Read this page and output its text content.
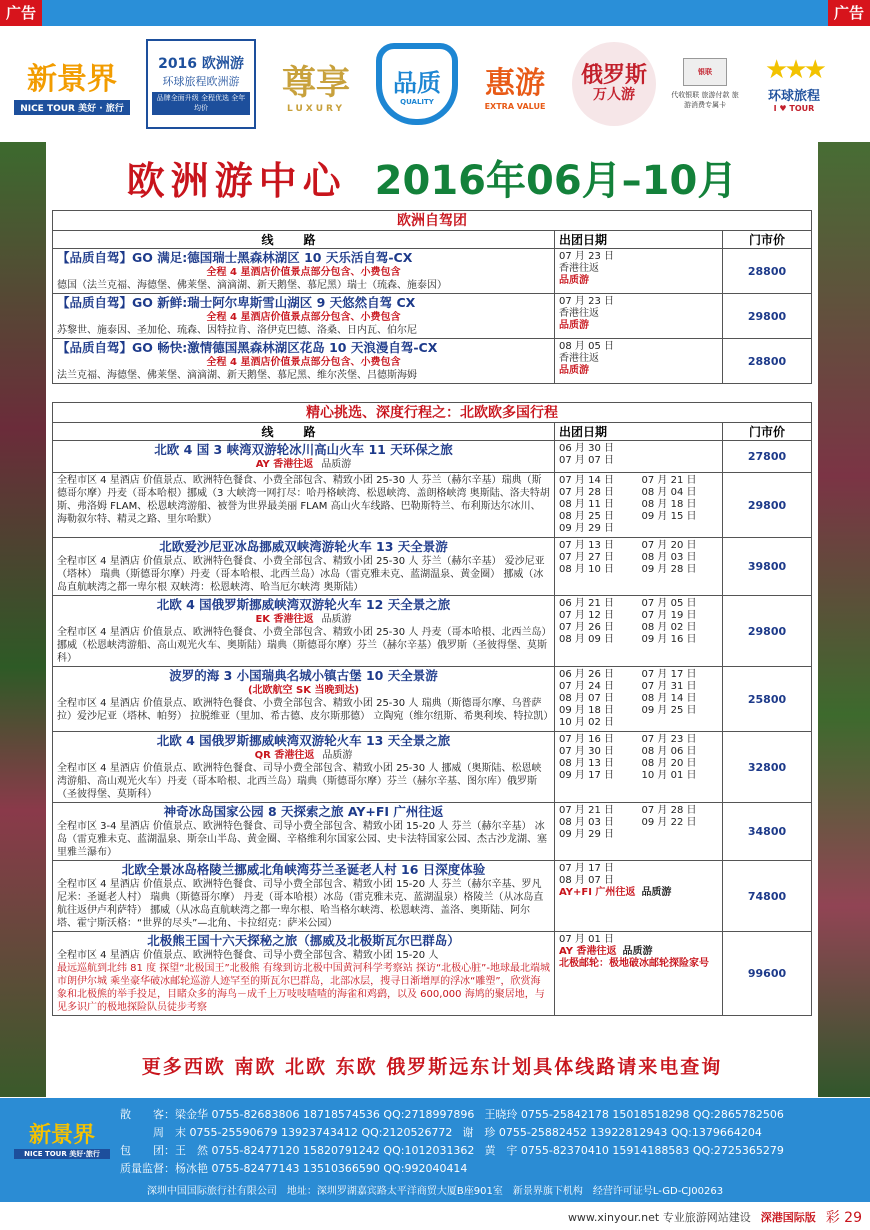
广告	广告
新景界
NICE TOUR 美好 · 旅行
2016 欧洲游
环球旅程欧洲游
品牌全面升级 全程优选 全年均价
尊享
LUXURY
品质
QUALITY
惠游
EXTRA VALUE
俄罗斯
万人游
银联
代收银联 旅游付款 旅游消费专属卡
★★★
环球旅程
I ♥ TOUR
欧洲游中心 2016年06月–10月
欧洲自驾团
线路	出团日期	门市价
【品质自驾】GO 满足:德国瑞士黑森林湖区 10 天乐活自驾-CX
全程 4 星酒店价值景点部分包含、小费包含
德国（法兰克福、海德堡、佛莱堡、滴滴湖、新天鹅堡、慕尼黑）瑞士（琉森、施泰因）
07 月 23 日
香港往返
品质游
28800
【品质自驾】GO 新鲜:瑞士阿尔卑斯雪山湖区 9 天悠然自驾 CX
全程 4 星酒店价值景点部分包含、小费包含
苏黎世、施泰因、圣加伦、琉森、因特拉肯、洛伊克巴德、洛桑、日内瓦、伯尔尼
07 月 23 日
香港往返
品质游
29800
【品质自驾】GO 畅快:激情德国黑森林湖区花岛 10 天浪漫自驾-CX
全程 4 星酒店价值景点部分包含、小费包含
法兰克福、海德堡、佛莱堡、滴滴湖、新天鹅堡、慕尼黑、维尔茨堡、吕德斯海姆
08 月 05 日
香港往返
品质游
28800
精心挑选、深度行程之：北欧欧多国行程
线路	出团日期	门市价
北欧 4 国 3 峡湾双游轮冰川高山火车 11 天环保之旅
AY 香港往返 品质游
06 月 30 日
07 月 07 日	27800
全程市区 4 星酒店 价值景点、欧洲特色餐食、小费全部包含、精致小团 25-30 人 芬兰（赫尔辛基）瑞典（斯德哥尔摩）丹麦（哥本哈根）挪威（3 大峡湾一网打尽：哈丹格峡湾、松恩峡湾、盖朗格峡湾 奥斯陆、洛夫特胡斯、弗洛姆 FLAM、松恩峡湾游船、被誉为世界最美丽 FLAM 高山火车线路、巴勒斯特兰、布利斯达尔冰川、海勒叙尔特、精灵之路、里尔哈默）
07 月 14 日	07 月 21 日
07 月 28 日	08 月 04 日
08 月 11 日	08 月 18 日
08 月 25 日	09 月 15 日
09 月 29 日
29800
北欧爱沙尼亚冰岛挪威双峡湾游轮火车 13 天全景游
全程市区 4 星酒店 价值景点、欧洲特色餐食、小费全部包含、精致小团 25-30 人 芬兰（赫尔辛基） 爱沙尼亚（塔林） 瑞典（斯德哥尔摩）丹麦（哥本哈根、北西兰岛）冰岛（雷克雅未克、蓝湖温泉、黄金圈） 挪威（冰岛直航峡湾之都一卑尔根 双峡湾：松恩峡湾、哈当厄尔峡湾 奥斯陆）
07 月 13 日	07 月 20 日
07 月 27 日	08 月 03 日
08 月 10 日	09 月 28 日	39800
北欧 4 国俄罗斯挪威峡湾双游轮火车 12 天全景之旅
EK 香港往返 品质游
全程市区 4 星酒店 价值景点、欧洲特色餐食、小费全部包含、精致小团 25-30 人 丹麦（哥本哈根、北西兰岛）挪威（松恩峡湾游船、高山观光火车、奥斯陆）瑞典（斯德哥尔摩）芬兰（赫尔辛基）俄罗斯（圣彼得堡、莫斯科）
06 月 21 日	07 月 05 日
07 月 12 日	07 月 19 日
07 月 26 日	08 月 02 日
08 月 09 日	09 月 16 日
29800
波罗的海 3 小国瑞典名城小镇古堡 10 天全景游
(北欧航空 SK 当晚到达)
全程市区 4 星酒店 价值景点、欧洲特色餐食、小费全部包含、精致小团 25-30 人 瑞典（斯德哥尔摩、乌普萨拉）爱沙尼亚（塔林、帕努） 拉脱维亚（里加、希古德、皮尔斯那德） 立陶宛（维尔纽斯、希奥利埃、特拉凯）
06 月 26 日	07 月 17 日
07 月 24 日	07 月 31 日
08 月 07 日	08 月 14 日
09 月 18 日	09 月 25 日
10 月 02 日
25800
北欧 4 国俄罗斯挪威峡湾双游轮火车 13 天全景之旅
QR 香港往返 品质游
全程市区 4 星酒店 价值景点、欧洲特色餐食、司导小费全部包含、精致小团 25-30 人 挪威（奥斯陆、松恩峡湾游船、高山观光火车）丹麦（哥本哈根、北西兰岛）瑞典（斯德哥尔摩）芬兰（赫尔辛基、图尔库）俄罗斯（圣彼得堡、莫斯科）
07 月 16 日	07 月 23 日
07 月 30 日	08 月 06 日
08 月 13 日	08 月 20 日
09 月 17 日	10 月 01 日
32800
神奇冰岛国家公园 8 天探索之旅 AY+FI 广州往返
全程市区 3-4 星酒店 价值景点、欧洲特色餐食、司导小费全部包含、精致小团 15-20 人 芬兰（赫尔辛基） 冰岛（雷克雅未克、蓝湖温泉、斯奈山半岛、黄金圈、辛格维利尔国家公园、史卡法特国家公园、杰古沙龙湖、塞里雅兰瀑布）
07 月 21 日	07 月 28 日
08 月 03 日	09 月 22 日
09 月 29 日	34800
北欧全景冰岛格陵兰挪威北角峡湾芬兰圣诞老人村 16 日深度体验
全程市区 4 星酒店 价值景点、欧洲特色餐食、司导小费全部包含、精致小团 15-20 人 芬兰（赫尔辛基、罗凡尼米：圣诞老人村） 瑞典（斯德哥尔摩） 丹麦（哥本哈根）冰岛（雷克雅未克、蓝湖温泉）格陵兰（从冰岛直航往返伊卢利萨特） 挪威（从冰岛直航峡湾之都一卑尔根、哈当格尔峡湾、松恩峡湾、盖洛、奥斯陆、阿尔塔、霍宁斯沃格：“世界的尽头”—北角、卡拉绍克：萨米公园）
07 月 17 日
08 月 07 日
AY+FI 广州往返 品质游	74800
北极熊王国十六天探秘之旅（挪威及北极斯瓦尔巴群岛）
全程市区 4 星酒店 价值景点、欧洲特色餐食、司导小费全部包含、精致小团 15-20 人
最远巡航到北纬 81 度 探望“北极国王”北极熊 有缘到访北极中国黄河科学考察站 探访“北极心脏”-地球最北端城市朗伊尔城 乘坐豪华破冰邮轮巡游人迹罕至的斯瓦尔巴群岛，北部冰层，搜寻日渐增厚的浮冰“雕塑”，欣赏海象和北极熊的举手投足，目睹众多的海鸟－成千上万吱吱喳喳的海雀和鸡鹞，以及 600,000 海鸠的聚居地，与见多识广的极地探险队员徒步考察
07 月 01 日
AY 香港往返 品质游
北极邮轮：极地破冰邮轮探险家号
99600
更多西欧 南欧 北欧 东欧 俄罗斯远东计划具体线路请来电查询
新景界
NICE TOUR 美好·旅行
散　　客：梁金华 0755-82683806 18718574536 QQ:2718997896 王晓玲 0755-25842178 15018518298 QQ:2865782506
　　　周　末 0755-25590679 13923743412 QQ:2120526772 谢　珍 0755-25882452 13922812943 QQ:1379664204
包　　团：王　然 0755-82477120 15820791242 QQ:1012031362 黄　宇 0755-82370410 15914188583 QQ:2725365279
质量监督：杨冰艳 0755-82477143 13510366590 QQ:992040414
深圳中国国际旅行社有限公司　地址：深圳罗湖嘉宾路太平洋商贸大厦B座901室　新景界旗下机构　经营许可证号L-GD-CJ00263
www.xinyour.net 专业旅游网站建设 深港国际版 彩 29
